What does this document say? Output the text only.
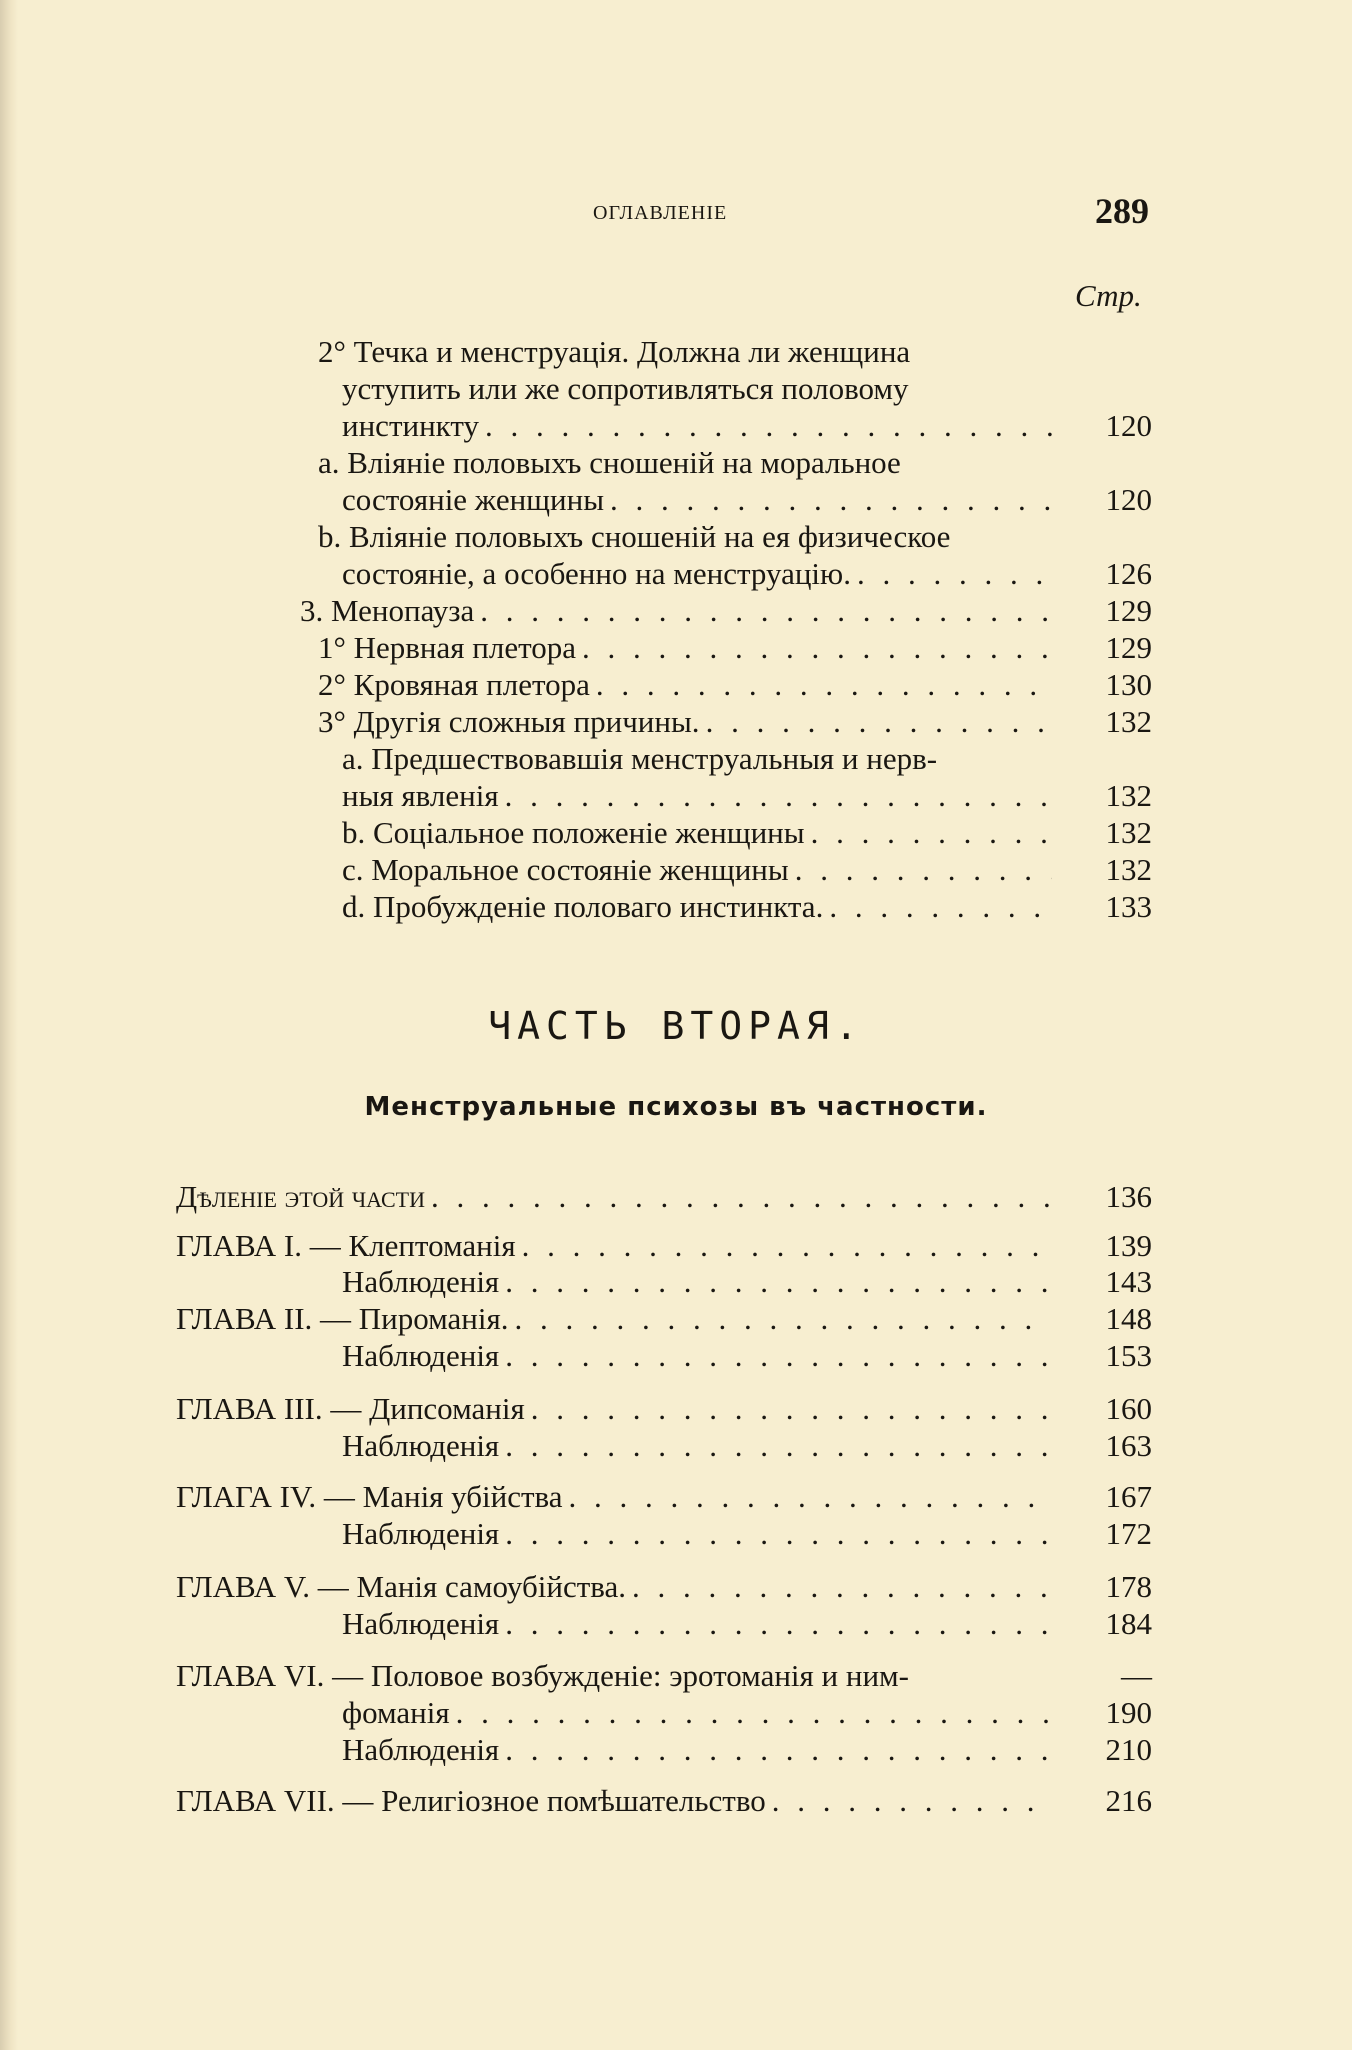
ОГЛАВЛЕНІЕ	289
Стр.
2° Течка и менструація. Должна ли женщина
уступить или же сопротивляться половому
инстинкту . . .	120
a. Вліяніе половыхъ сношеній на моральное
состояніе женщины . . .	120
b. Вліяніе половыхъ сношеній на ея физическое
состояніе, а особенно на менструацію. . . .	126
3. Менопауза . . .	129
1° Нервная плетора . . .	129
2° Кровяная плетора . . .	130
3° Другія сложныя причины. . . .	132
a. Предшествовавшія менструальныя и нерв-
ныя явленія . . .	132
b. Соціальное положеніе женщины . . .	132
c. Моральное состояніе женщины . . .	132
d. Пробужденіе половаго инстинкта. . . .	133
ЧАСТЬ ВТОРАЯ.
Менструальные психозы въ частности.
Дѣленіе этой части . . .	136
ГЛАВА I. — Клептоманія . . .	139
Наблюденія . . .	143
ГЛАВА II. — Пироманія. . . .	148
Наблюденія . . .	153
ГЛАВА III. — Дипсоманія . . .	160
Наблюденія . . .	163
ГЛАГА IV. — Манія убійства . . .	167
Наблюденія . . .	172
ГЛАВА V. — Манія самоубійства. . . .	178
Наблюденія . . .	184
ГЛАВА VI. — Половое возбужденіе: эротоманія и ним-	—
фоманія . . .	190
Наблюденія . . .	210
ГЛАВА VII. — Религіозное помѣшательство . . .	216
